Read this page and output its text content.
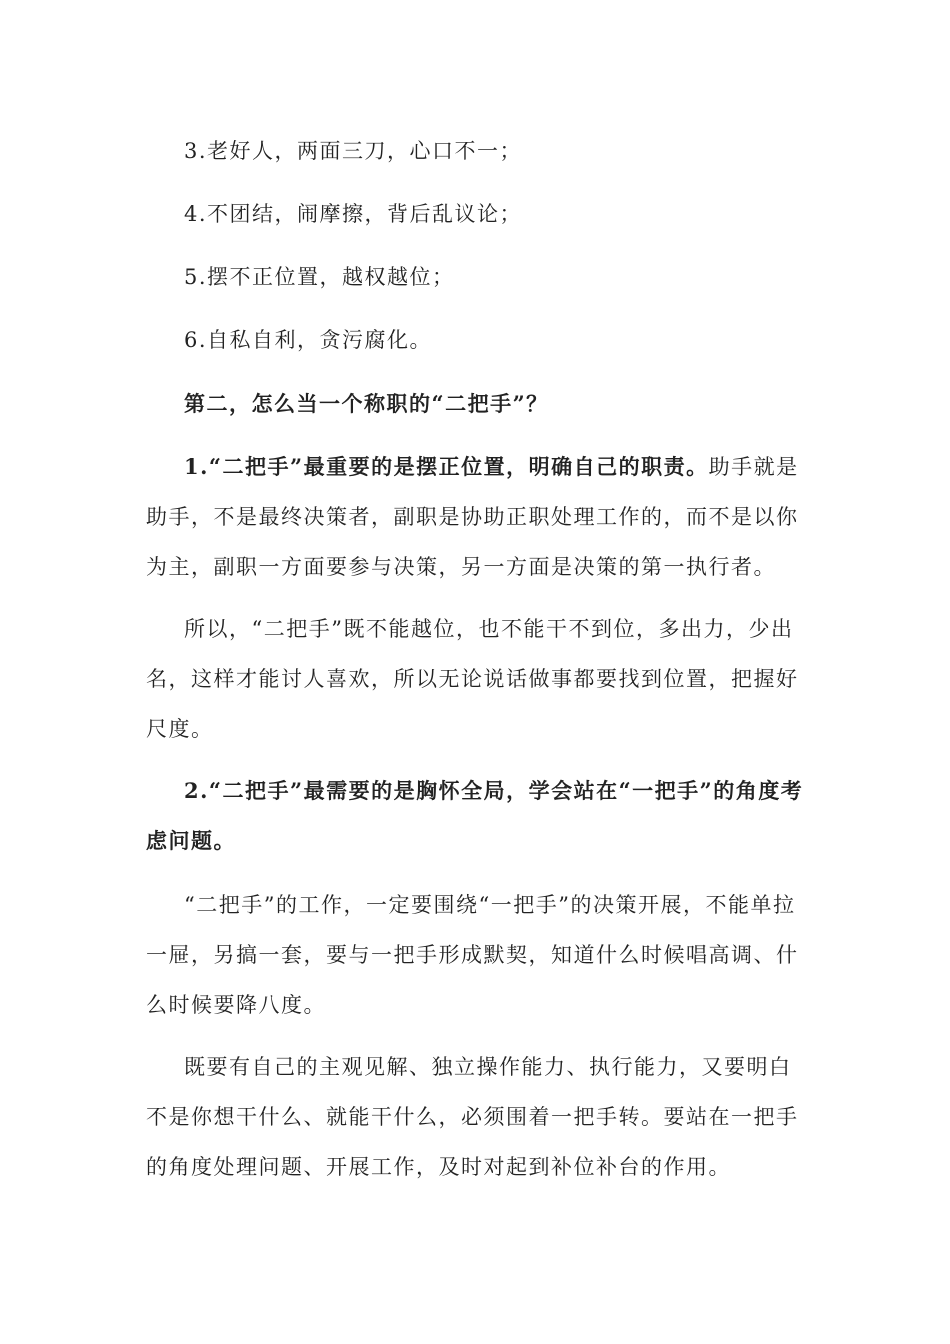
3.老好人，两面三刀，心口不一；

4.不团结，闹摩擦，背后乱议论；

5.摆不正位置，越权越位；

6.自私自利，贪污腐化。

第二，怎么当一个称职的“二把手”？

1.“二把手”最重要的是摆正位置，明确自己的职责。助手就是助手，不是最终决策者，副职是协助正职处理工作的，而不是以你为主，副职一方面要参与决策，另一方面是决策的第一执行者。

所以，“二把手”既不能越位，也不能干不到位，多出力，少出名，这样才能讨人喜欢，所以无论说话做事都要找到位置，把握好尺度。

2.“二把手”最需要的是胸怀全局，学会站在“一把手”的角度考虑问题。

“二把手”的工作，一定要围绕“一把手”的决策开展，不能单拉一屉，另搞一套，要与一把手形成默契，知道什么时候唱高调、什么时候要降八度。

既要有自己的主观见解、独立操作能力、执行能力，又要明白不是你想干什么、就能干什么，必须围着一把手转。要站在一把手的角度处理问题、开展工作，及时对起到补位补台的作用。
